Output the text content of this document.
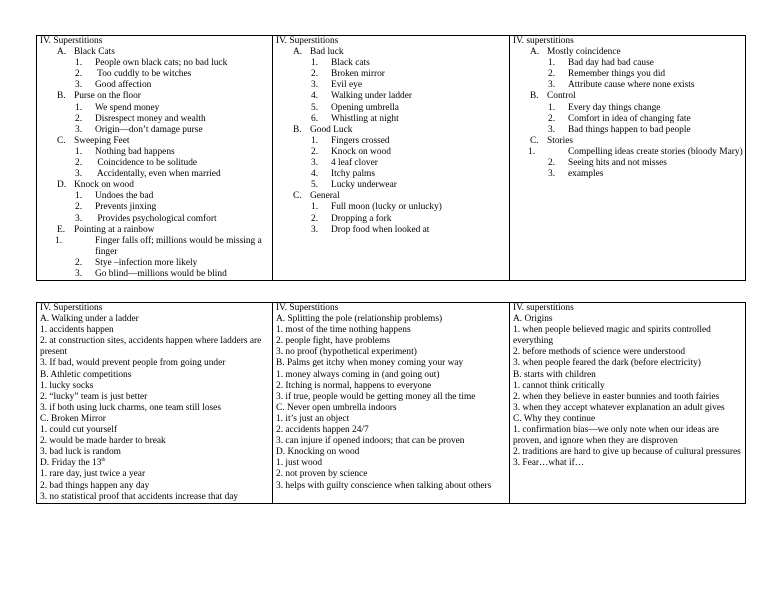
IV. Superstitions
A. Black Cats
1. People own black cats; no bad luck
2. Too cuddly to be witches
3. Good affection
B. Purse on the floor
1. We spend money
2. Disrespect money and wealth
3. Origin—don’t damage purse
C. Sweeping Feet
1. Nothing bad happens
2. Coincidence to be solitude
3. Accidentally, even when married
D. Knock on wood
1. Undoes the bad
2. Prevents jinxing
3. Provides psychological comfort
E. Pointing at a rainbow
1.	Finger falls off; millions would be missing a finger
2. Stye –infection more likely
3. Go blind—millions would be blind

IV. Superstitions
A. Bad luck
1. Black cats
2. Broken mirror
3. Evil eye
4. Walking under ladder
5. Opening umbrella
6. Whistling at night
B. Good Luck
1. Fingers crossed
2. Knock on wood
3. 4 leaf clover
4. Itchy palms
5. Lucky underwear
C. General
1. Full moon (lucky or unlucky)
2. Dropping a fork
3. Drop food when looked at

IV. superstitions
A. Mostly coincidence
1. Bad day had bad cause
2. Remember things you did
3. Attribute cause where none exists
B. Control
1. Every day things change
2. Comfort in idea of changing fate
3. Bad things happen to bad people
C. Stories
1.	Compelling ideas create stories (bloody Mary)
2. Seeing hits and not misses
3. examples
IV. Superstitions
A. Walking under a ladder
1. accidents happen
2. at construction sites, accidents happen where ladders are present
3. If bad, would prevent people from going under
B. Athletic competitions
1. lucky socks
2. “lucky” team is just better
3. if both using luck charms, one team still loses
C. Broken Mirror
1. could cut yourself
2. would be made harder to break
3. bad luck is random
D. Friday the 13th
1. rare day, just twice a year
2. bad things happen any day
3. no statistical proof that accidents increase that day

IV. Superstitions
A. Splitting the pole (relationship problems)
1. most of the time nothing happens
2. people fight, have problems
3. no proof (hypothetical experiment)
B. Palms get itchy when money coming your way
1. money always coming in (and going out)
2. Itching is normal, happens to everyone
3. if true, people would be getting money all the time
C. Never open umbrella indoors
1. it’s just an object
2. accidents happen 24/7
3. can injure if opened indoors; that can be proven
D. Knocking on wood
1. just wood
2. not proven by science
3. helps with guilty conscience when talking about others

IV. superstitions
A. Origins
1. when people believed magic and spirits controlled everything
2. before methods of science were understood
3. when people feared the dark (before electricity)
B. starts with children
1. cannot think critically
2. when they believe in easter bunnies and tooth fairies
3. when they accept whatever explanation an adult gives
C. Why they continue
1. confirmation bias—we only note when our ideas are proven, and ignore when they are disproven
2. traditions are hard to give up because of cultural pressures
3. Fear…what if…
